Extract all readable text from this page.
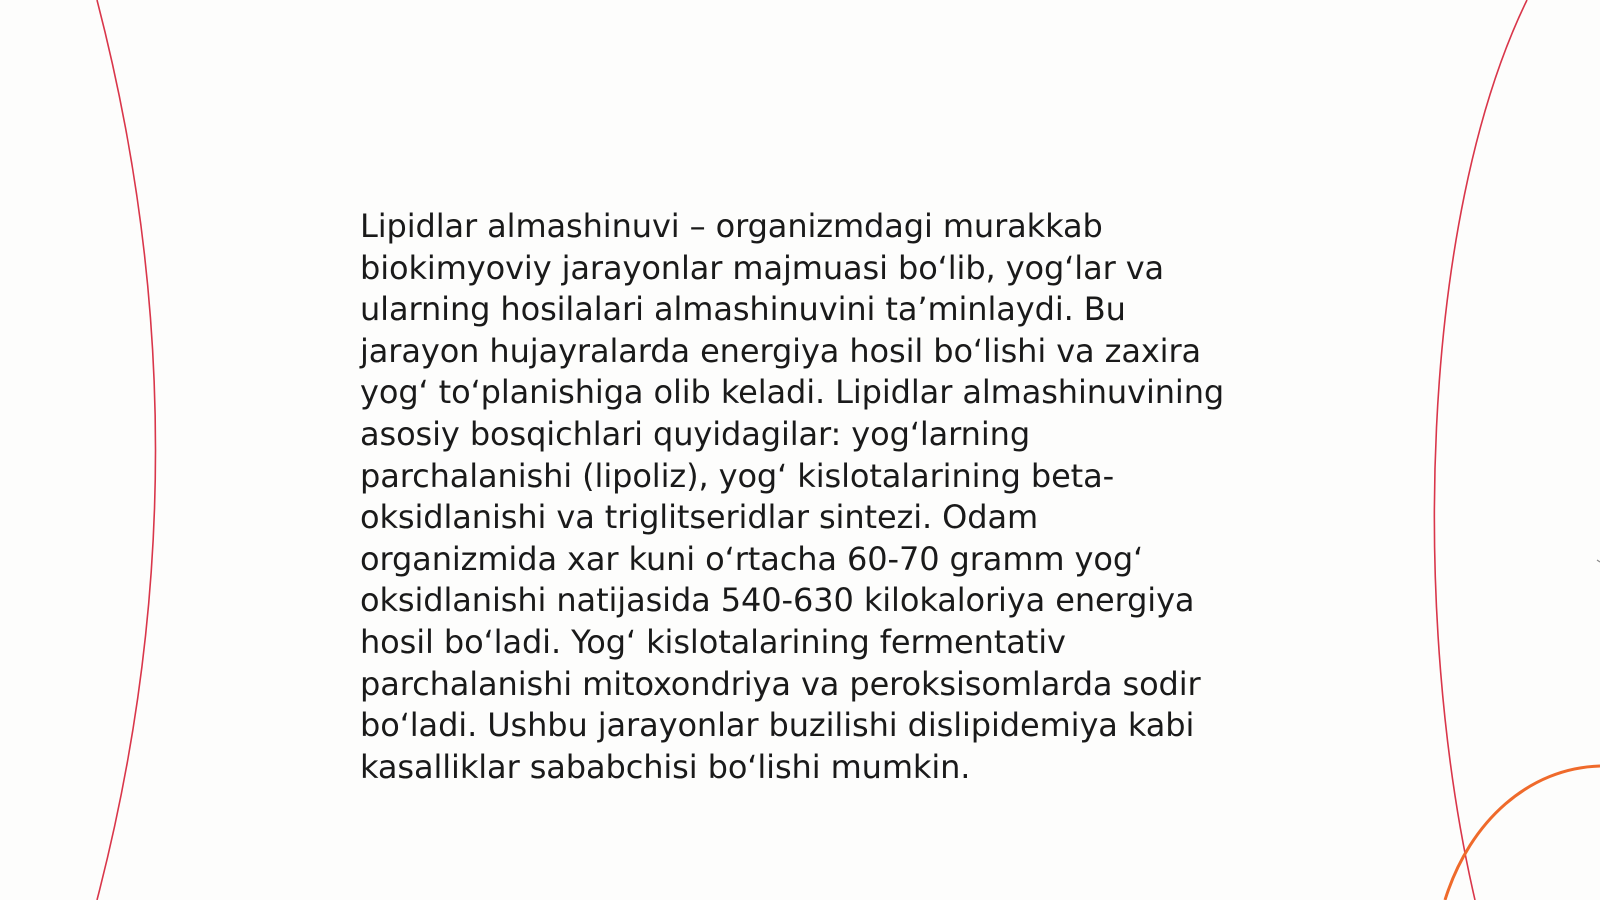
Lipidlar almashinuvi – organizmdagi murakkab
biokimyoviy jarayonlar majmuasi boʻlib, yogʻlar va
ularning hosilalari almashinuvini taʼminlaydi. Bu
jarayon hujayralarda energiya hosil boʻlishi va zaxira
yogʻ toʻplanishiga olib keladi. Lipidlar almashinuvining
asosiy bosqichlari quyidagilar: yogʻlarning
parchalanishi (lipoliz), yogʻ kislotalarining beta-
oksidlanishi va triglitseridlar sintezi. Odam
organizmida xar kuni oʻrtacha 60-70 gramm yogʻ
oksidlanishi natijasida 540-630 kilokaloriya energiya
hosil boʻladi. Yogʻ kislotalarining fermentativ
parchalanishi mitoxondriya va peroksisomlarda sodir
boʻladi. Ushbu jarayonlar buzilishi dislipidemiya kabi
kasalliklar sababchisi boʻlishi mumkin.
